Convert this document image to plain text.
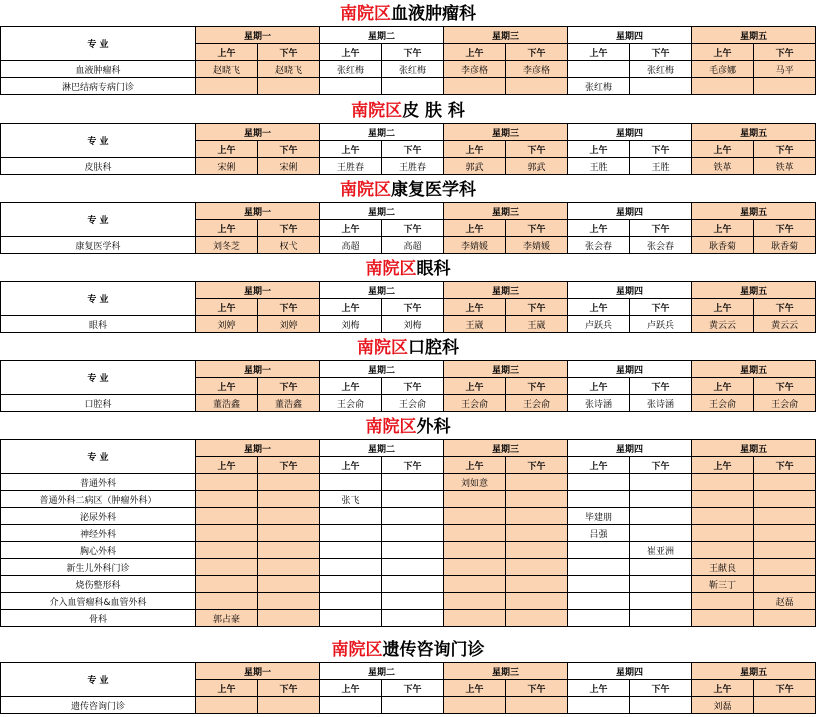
南院区血液肿瘤科
专 业	星期一		星期二		星期三		星期四		星期五	
	上午	下午	上午	下午	上午	下午	上午	下午	上午	下午
血液肿瘤科	赵晓飞	赵晓飞	张红梅	张红梅	李彦格	李彦格		张红梅	毛彦娜	马平
淋巴结病专病门诊							张红梅			
南院区皮 肤 科
专 业	星期一		星期二		星期三		星期四		星期五	
	上午	下午	上午	下午	上午	下午	上午	下午	上午	下午
皮肤科	宋俐	宋俐	王胜春	王胜春	郭武	郭武	王胜	王胜	铁革	铁革
南院区康复医学科
专 业	星期一		星期二		星期三		星期四		星期五	
	上午	下午	上午	下午	上午	下午	上午	下午	上午	下午
康复医学科	刘冬芝	权弋	高超	高超	李婧媛	李婧媛	张会春	张会春	耿香菊	耿香菊
南院区眼科
专 业	星期一		星期二		星期三		星期四		星期五	
	上午	下午	上午	下午	上午	下午	上午	下午	上午	下午
眼科	刘婷	刘婷	刘梅	刘梅	王崴	王崴	卢跃兵	卢跃兵	黄云云	黄云云
南院区口腔科
专 业	星期一		星期二		星期三		星期四		星期五	
	上午	下午	上午	下午	上午	下午	上午	下午	上午	下午
口腔科	董浩鑫	董浩鑫	王会俞	王会俞	王会俞	王会俞	张诗涵	张诗涵	王会俞	王会俞
南院区外科
专 业	星期一		星期二		星期三		星期四		星期五	
	上午	下午	上午	下午	上午	下午	上午	下午	上午	下午
普通外科					刘如意					
普通外科二病区（肿瘤外科）			张飞							
泌尿外科							毕建朋			
神经外科							吕强			
胸心外科								崔亚洲		
新生儿外科门诊									王献良	
烧伤整形科									靳三丁	
介入血管瘤科&血管外科										赵磊
骨科	郭占豪									
南院区遗传咨询门诊
专 业	星期一		星期二		星期三		星期四		星期五	
	上午	下午	上午	下午	上午	下午	上午	下午	上午	下午
遗传咨询门诊									刘磊	
